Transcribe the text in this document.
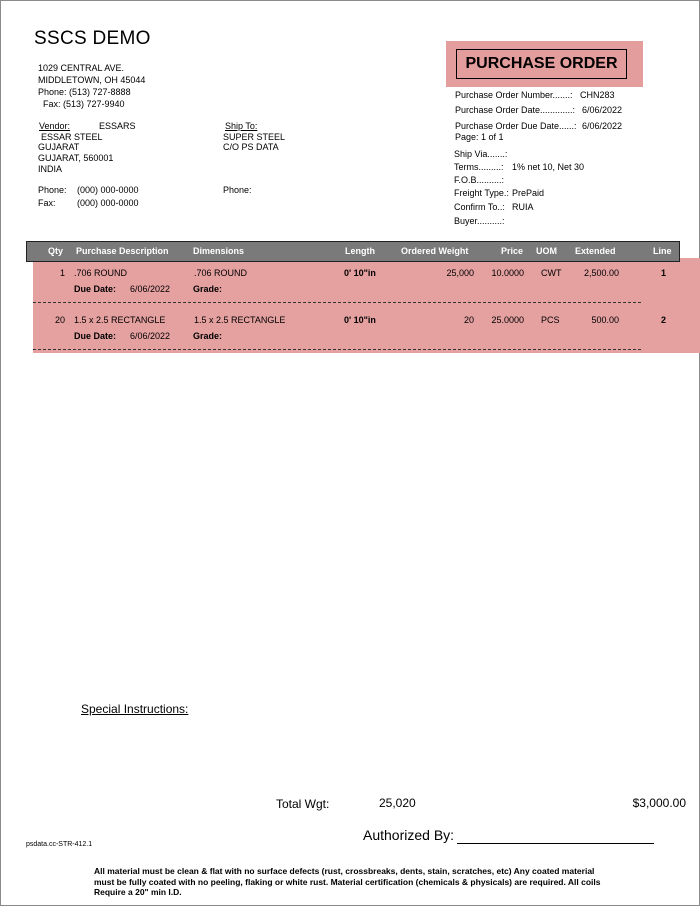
SSCS DEMO
1029 CENTRAL AVE.
MIDDLETOWN, OH 45044
Phone: (513) 727-8888
Fax: (513) 727-9940
PURCHASE ORDER
Purchase Order Number.......: CHN283
Purchase Order Date.............: 6/06/2022
Purchase Order Due Date......: 6/06/2022
Page: 1 of 1
Ship Via.......:
Terms.........: 1% net 10, Net 30
F.O.B..........:
Freight Type.: PrePaid
Confirm To..: RUIA
Buyer..........:
Vendor:	ESSARS
ESSAR STEEL
GUJARAT
GUJARAT, 560001
INDIA
Phone: (000) 000-0000
Fax: (000) 000-0000
Ship To:
SUPER STEEL
C/O PS DATA
Phone:
Qty Purchase Description	Dimensions	Length	Ordered Weight	Price UOM Extended	Line
1 .706 ROUND	.706 ROUND	0' 10"in	25,000 10.0000 CWT 2,500.00	1
Due Date: 6/06/2022	Grade:
20 1.5 x 2.5 RECTANGLE	1.5 x 2.5 RECTANGLE	0' 10"in	20 25.0000 PCS	500.00	2
Due Date: 6/06/2022	Grade:
Special Instructions:
Total Wgt:	25,020	$3,000.00
Authorized By:
psdata.cc-STR-412.1
All material must be clean & flat with no surface defects (rust, crossbreaks, dents, stain, scratches, etc) Any coated material
must be fully coated with no peeling, flaking or white rust. Material certification (chemicals & physicals) are required. All coils
Require a 20" min I.D.
